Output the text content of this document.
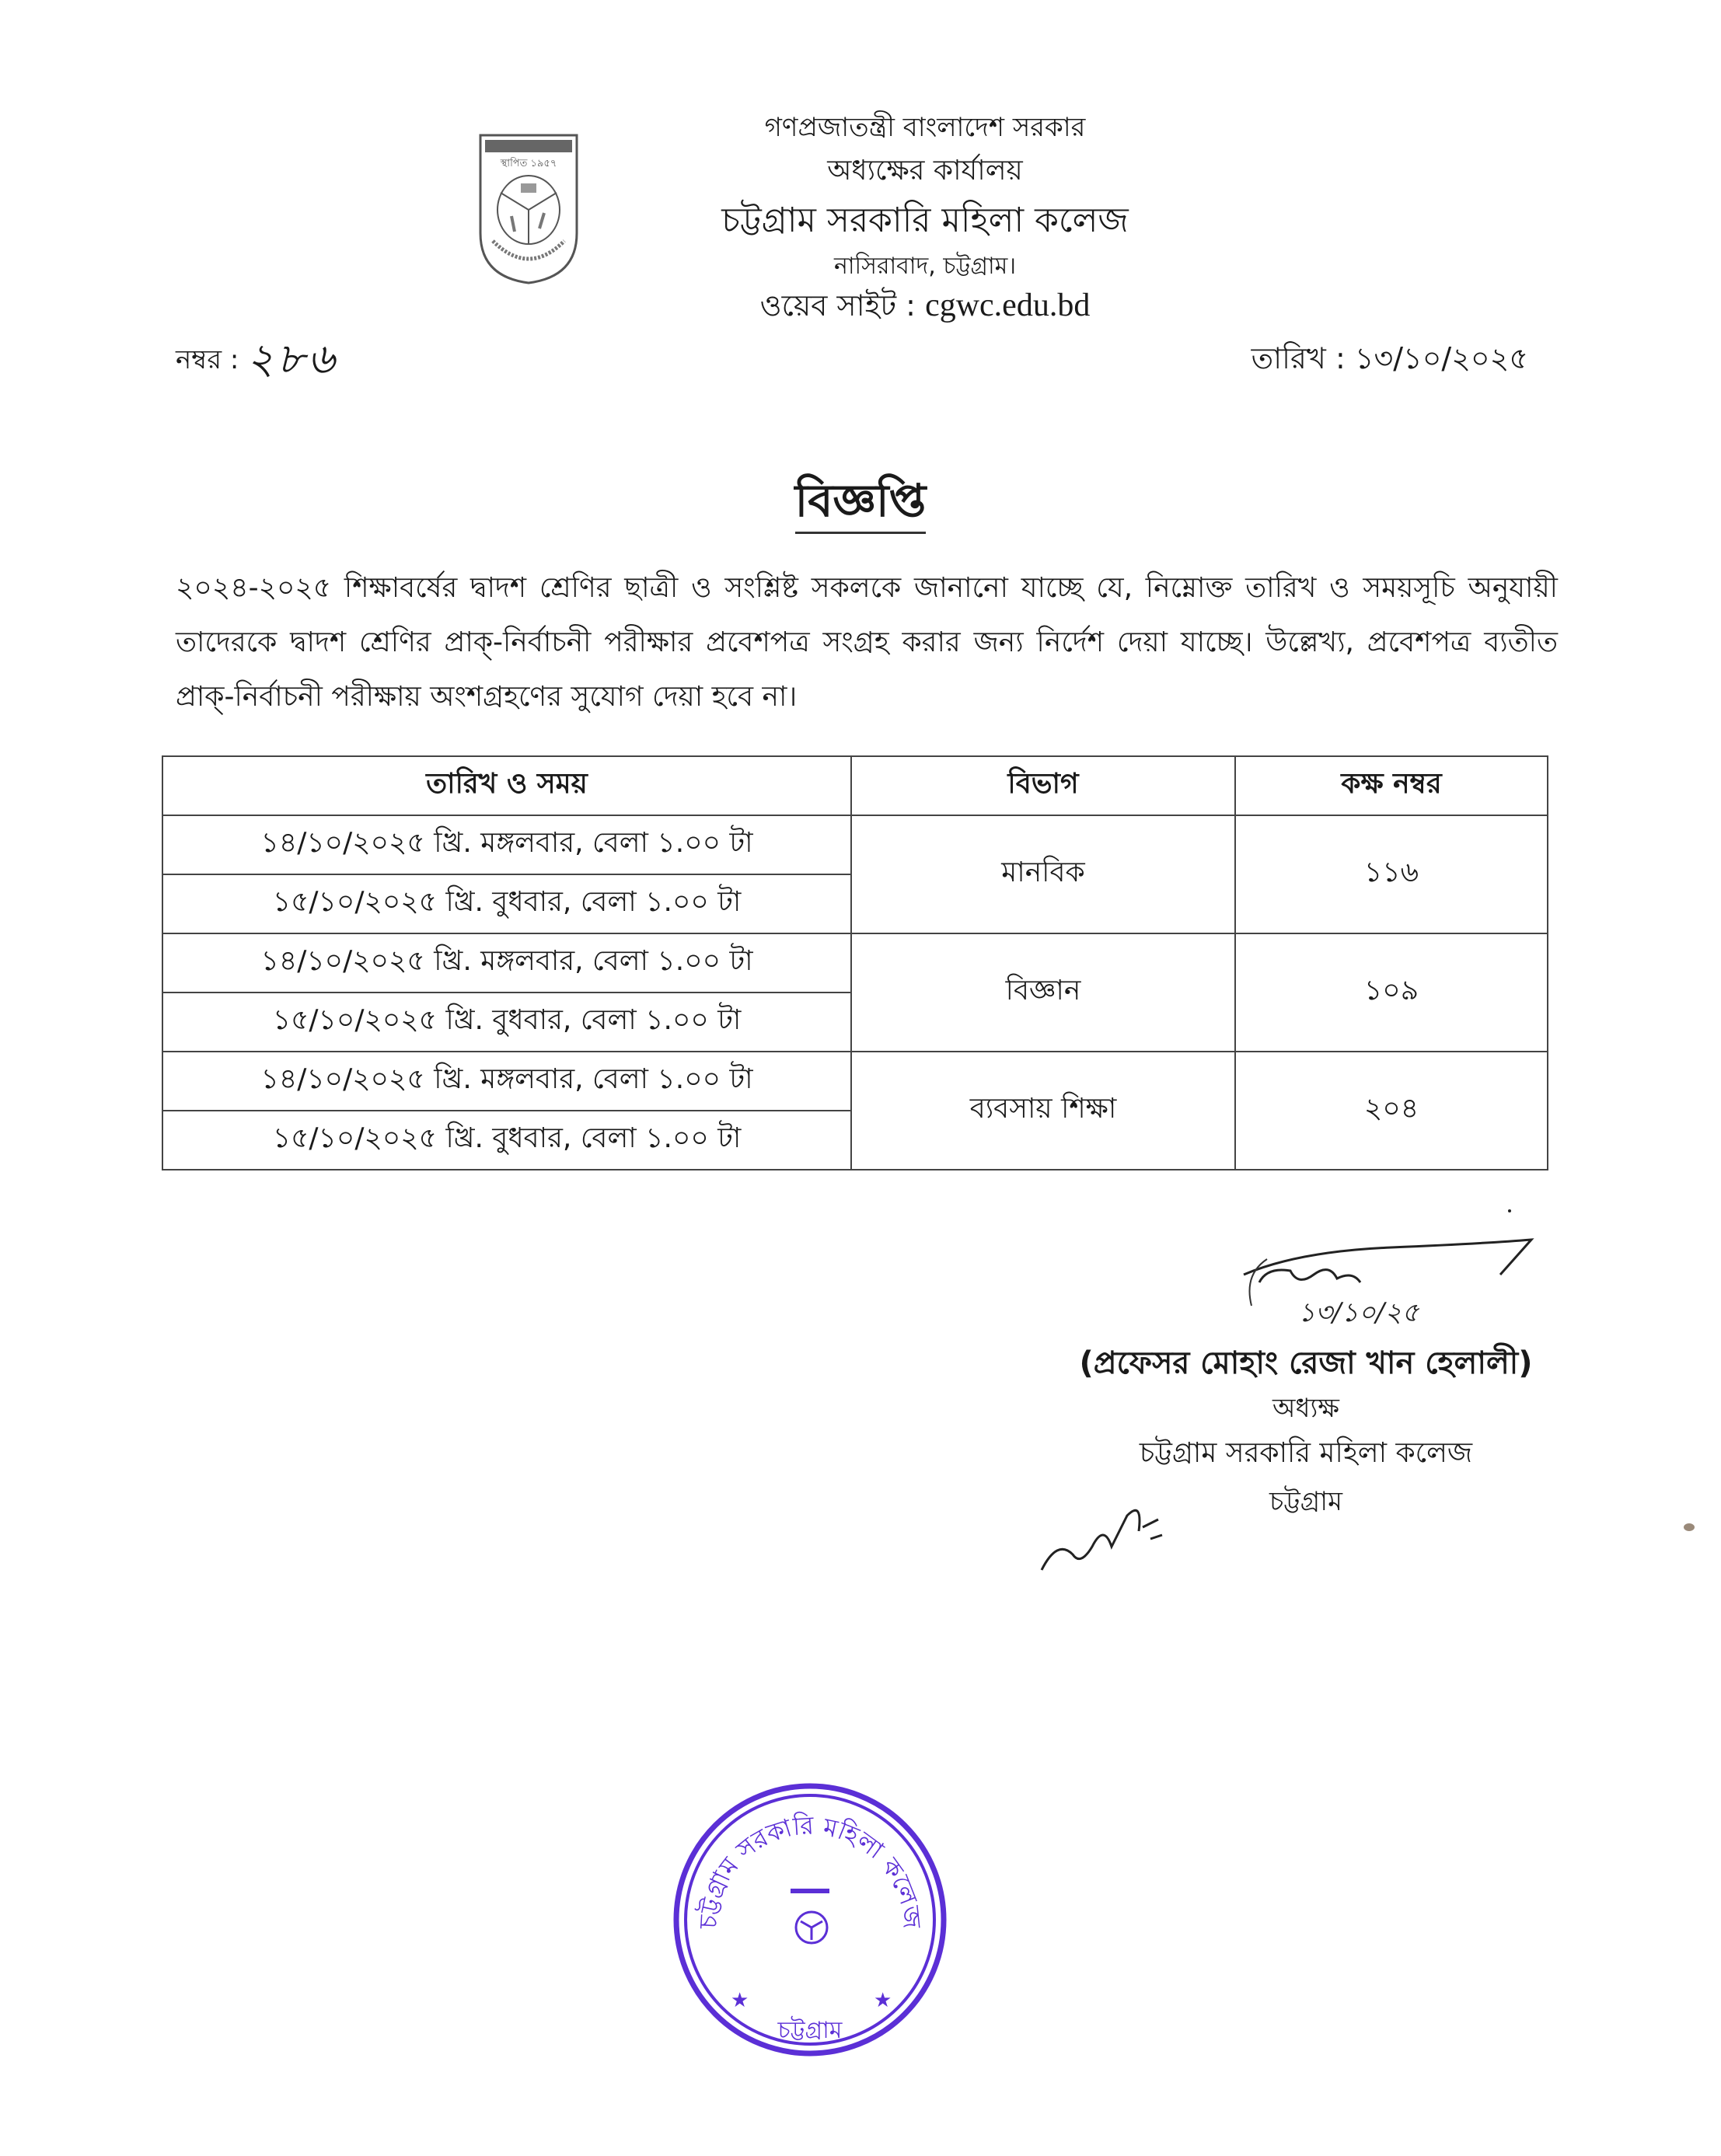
স্থাপিত ১৯৫৭
গণপ্রজাতন্ত্রী বাংলাদেশ সরকার
অধ্যক্ষের কার্যালয়
চট্টগ্রাম সরকারি মহিলা কলেজ
নাসিরাবাদ, চট্টগ্রাম।
ওয়েব সাইট : cgwc.edu.bd
নম্বর : ২৮৬	তারিখ : ১৩/১০/২০২৫
বিজ্ঞপ্তি
২০২৪-২০২৫ শিক্ষাবর্ষের দ্বাদশ শ্রেণির ছাত্রী ও সংশ্লিষ্ট সকলকে জানানো যাচ্ছে যে, নিম্নোক্ত তারিখ ও সময়সূচি অনুযায়ী তাদেরকে দ্বাদশ শ্রেণির প্রাক্-নির্বাচনী পরীক্ষার প্রবেশপত্র সংগ্রহ করার জন্য নির্দেশ দেয়া যাচ্ছে। উল্লেখ্য, প্রবেশপত্র ব্যতীত প্রাক্-নির্বাচনী পরীক্ষায় অংশগ্রহণের সুযোগ দেয়া হবে না।
তারিখ ও সময়	বিভাগ	কক্ষ নম্বর
১৪/১০/২০২৫ খ্রি. মঙ্গলবার, বেলা ১.০০ টা	মানবিক	১১৬
১৫/১০/২০২৫ খ্রি. বুধবার, বেলা ১.০০ টা		
১৪/১০/২০২৫ খ্রি. মঙ্গলবার, বেলা ১.০০ টা	বিজ্ঞান	১০৯
১৫/১০/২০২৫ খ্রি. বুধবার, বেলা ১.০০ টা		
১৪/১০/২০২৫ খ্রি. মঙ্গলবার, বেলা ১.০০ টা	ব্যবসায় শিক্ষা	২০৪
১৫/১০/২০২৫ খ্রি. বুধবার, বেলা ১.০০ টা		
১৩/১০/২৫
(প্রফেসর মোহাং রেজা খান হেলালী)
অধ্যক্ষ
চট্টগ্রাম সরকারি মহিলা কলেজ
চট্টগ্রাম
চট্টগ্রাম সরকারি মহিলা কলেজ
চট্টগ্রাম
★	★
